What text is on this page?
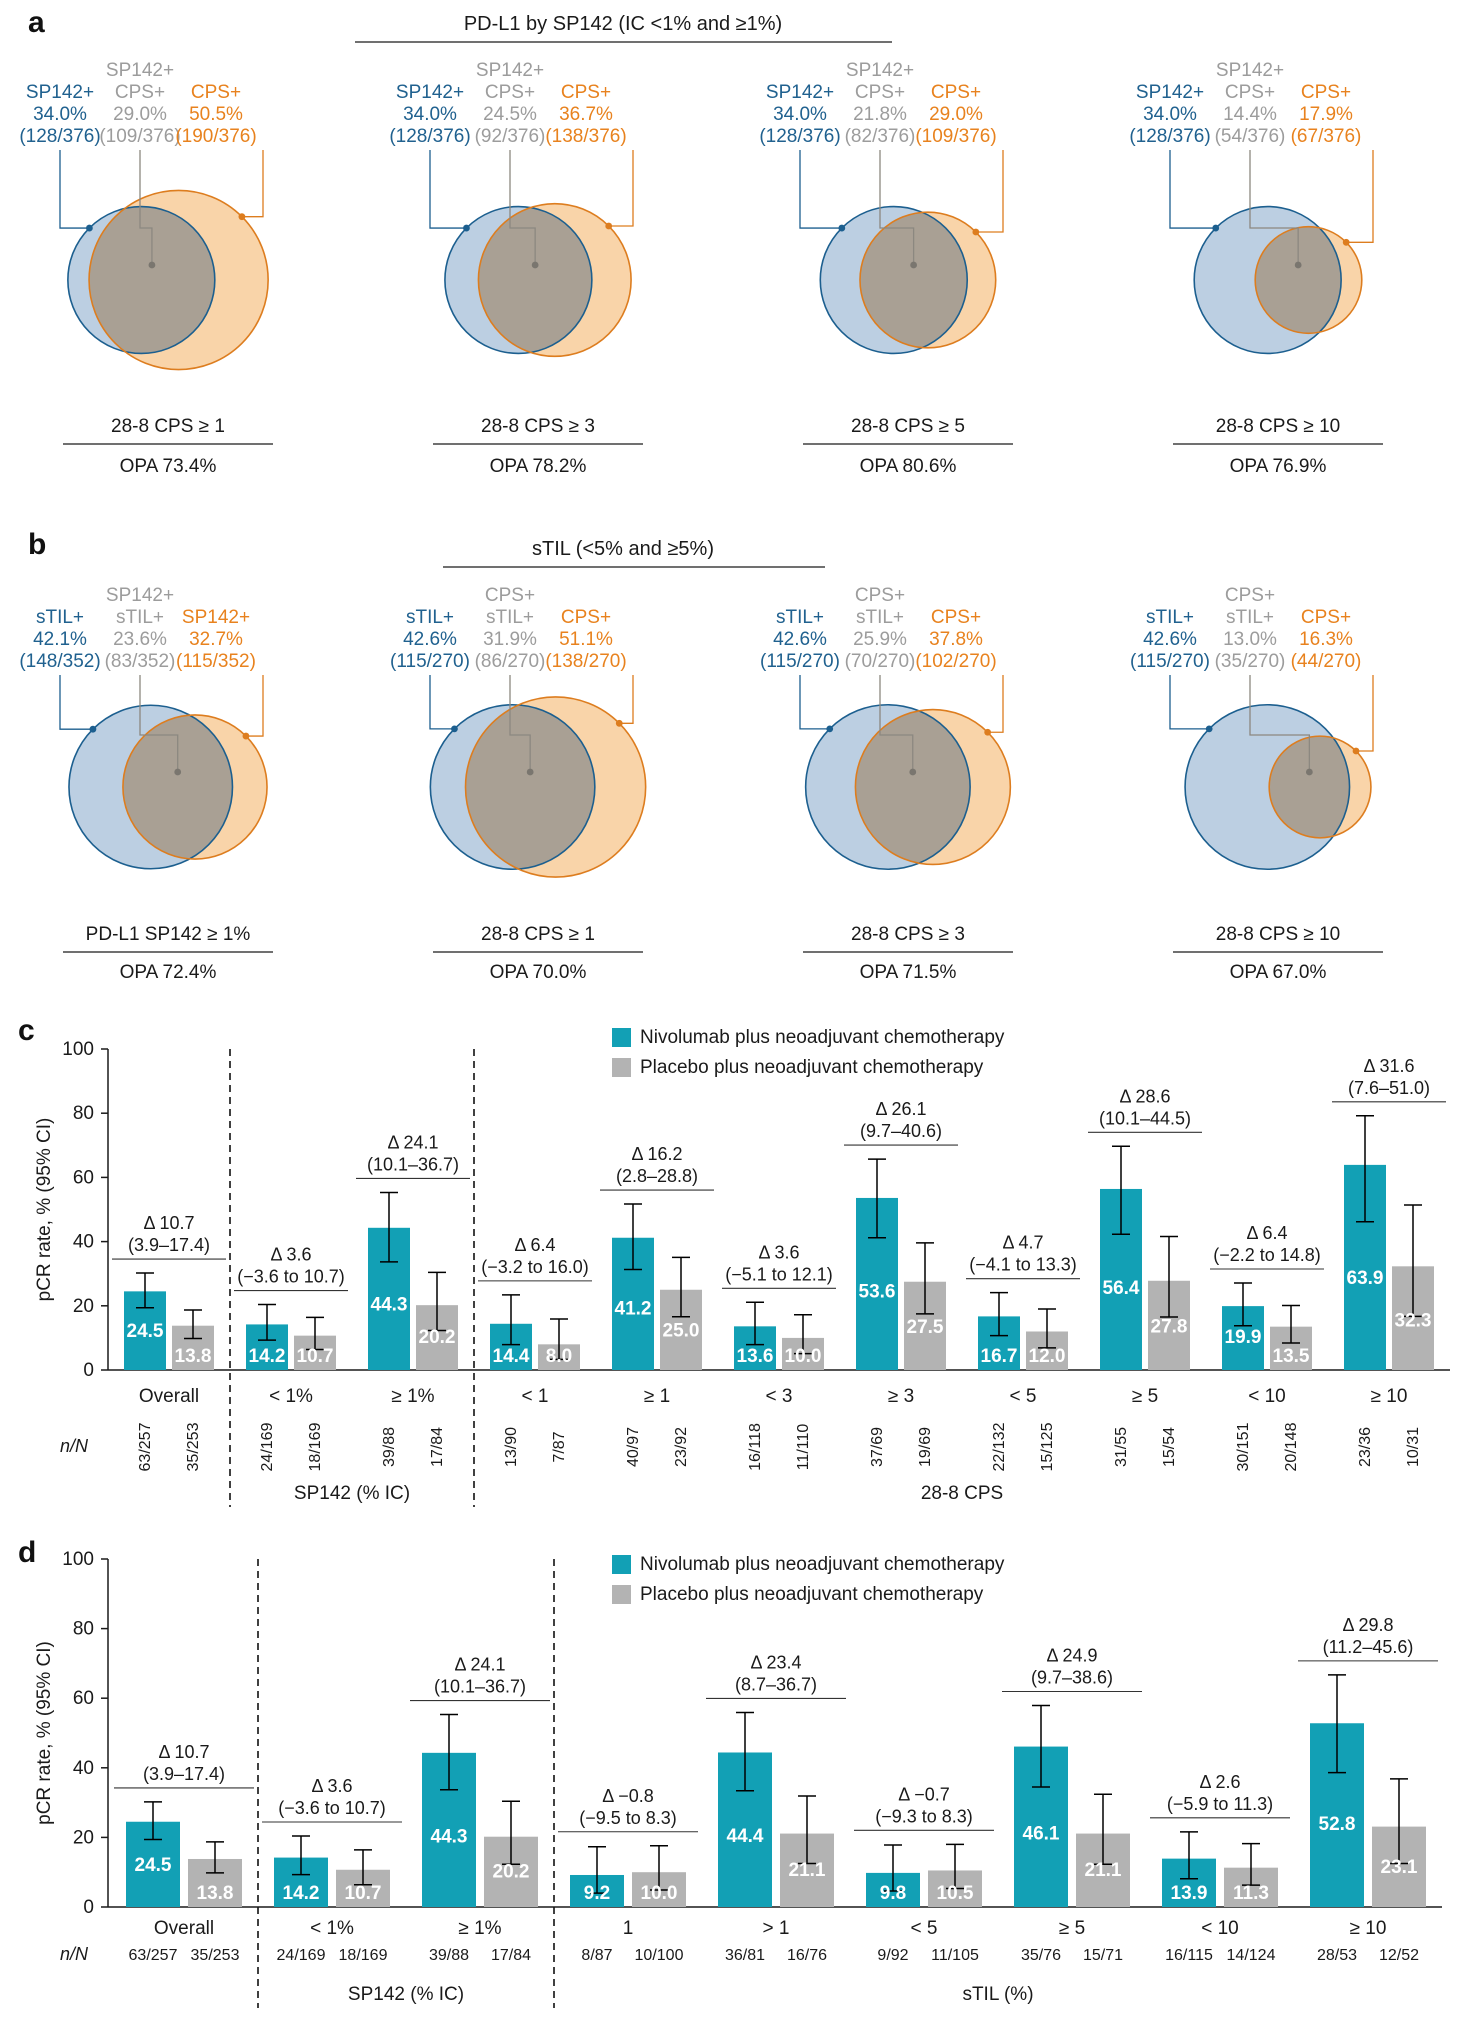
a
b
c
d
PD-L1 by SP142 (IC <1% and ≥1%)
SP142+
34.0%
(128/376)
SP142+
CPS+
29.0%
(109/376)
CPS+
50.5%
(190/376)
28-8 CPS ≥ 1
OPA 73.4%
SP142+
34.0%
(128/376)
SP142+
CPS+
24.5%
(92/376)
CPS+
36.7%
(138/376)
28-8 CPS ≥ 3
OPA 78.2%
SP142+
34.0%
(128/376)
SP142+
CPS+
21.8%
(82/376)
CPS+
29.0%
(109/376)
28-8 CPS ≥ 5
OPA 80.6%
SP142+
34.0%
(128/376)
SP142+
CPS+
14.4%
(54/376)
CPS+
17.9%
(67/376)
28-8 CPS ≥ 10
OPA 76.9%
sTIL (<5% and ≥5%)
sTIL+
42.1%
(148/352)
SP142+
sTIL+
23.6%
(83/352)
SP142+
32.7%
(115/352)
PD-L1 SP142 ≥ 1%
OPA 72.4%
sTIL+
42.6%
(115/270)
CPS+
sTIL+
31.9%
(86/270)
CPS+
51.1%
(138/270)
28-8 CPS ≥ 1
OPA 70.0%
sTIL+
42.6%
(115/270)
CPS+
sTIL+
25.9%
(70/270)
CPS+
37.8%
(102/270)
28-8 CPS ≥ 3
OPA 71.5%
sTIL+
42.6%
(115/270)
CPS+
sTIL+
13.0%
(35/270)
CPS+
16.3%
(44/270)
28-8 CPS ≥ 10
OPA 67.0%
0
20
40
60
80
100
pCR rate, % (95% CI)
Nivolumab plus neoadjuvant chemotherapy
Placebo plus neoadjuvant chemotherapy
24.5
63/257
13.8
35/253
(3.9–17.4)
Δ 10.7
Overall
14.2
24/169
10.7
18/169
(−3.6 to 10.7)
Δ 3.6
< 1%
44.3
39/88
20.2
17/84
(10.1–36.7)
Δ 24.1
≥ 1%
14.4
13/90
8.0
7/87
(−3.2 to 16.0)
Δ 6.4
< 1
41.2
40/97
25.0
23/92
(2.8–28.8)
Δ 16.2
≥ 1
13.6
16/118
10.0
11/110
(−5.1 to 12.1)
Δ 3.6
< 3
53.6
37/69
27.5
19/69
(9.7–40.6)
Δ 26.1
≥ 3
16.7
22/132
12.0
15/125
(−4.1 to 13.3)
Δ 4.7
< 5
56.4
31/55
27.8
15/54
(10.1–44.5)
Δ 28.6
≥ 5
19.9
30/151
13.5
20/148
(−2.2 to 14.8)
Δ 6.4
< 10
63.9
23/36
32.3
10/31
(7.6–51.0)
Δ 31.6
≥ 10
n/N
SP142 (% IC)	28-8 CPS
0
20
40
60
80
100
pCR rate, % (95% CI)
Nivolumab plus neoadjuvant chemotherapy
Placebo plus neoadjuvant chemotherapy
24.5
63/257
13.8
35/253
(3.9–17.4)
Δ 10.7
Overall
14.2
24/169
10.7
18/169
(−3.6 to 10.7)
Δ 3.6
< 1%
44.3
39/88
20.2
17/84
(10.1–36.7)
Δ 24.1
≥ 1%
9.2
8/87
10.0
10/100
(−9.5 to 8.3)
Δ −0.8
1
44.4
36/81
21.1
16/76
(8.7–36.7)
Δ 23.4
> 1
9.8
9/92
10.5
11/105
(−9.3 to 8.3)
Δ −0.7
< 5
46.1
35/76
21.1
15/71
(9.7–38.6)
Δ 24.9
≥ 5
13.9
16/115
11.3
14/124
(−5.9 to 11.3)
Δ 2.6
< 10
52.8
28/53
23.1
12/52
(11.2–45.6)
Δ 29.8
≥ 10
n/N
SP142 (% IC)	sTIL (%)
